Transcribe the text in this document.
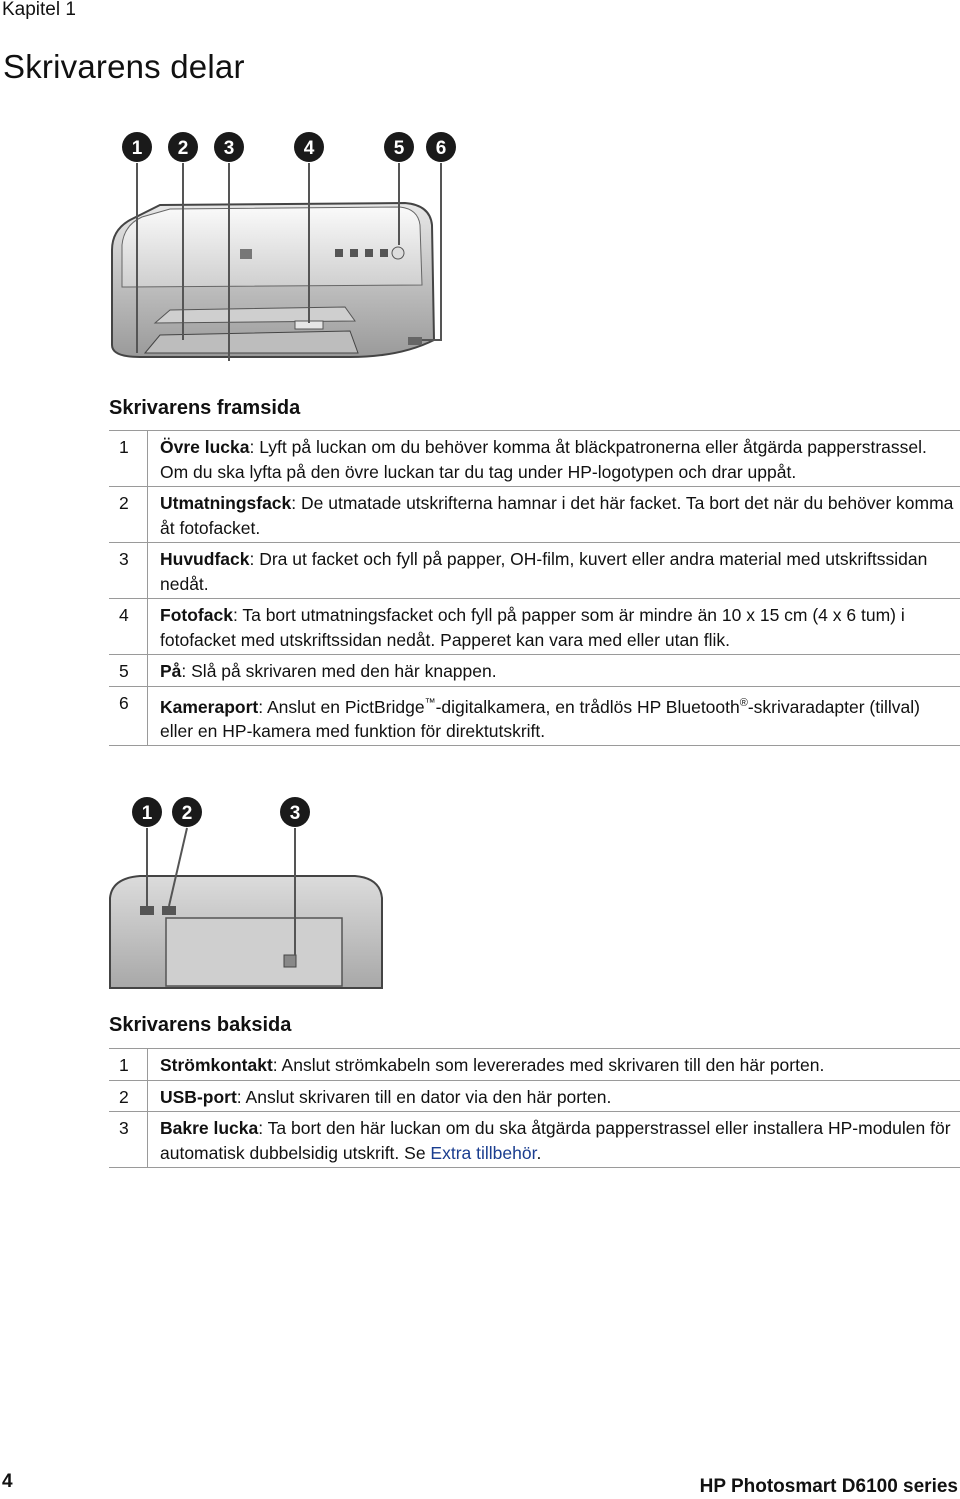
Kapitel 1
Skrivarens delar
1 2 3	4	5 6
Skrivarens framsida
1	Övre lucka: Lyft på luckan om du behöver komma åt bläckpatronerna eller åtgärda papperstrassel. Om du ska lyfta på den övre luckan tar du tag under HP-logotypen och drar uppåt.
2	Utmatningsfack: De utmatade utskrifterna hamnar i det här facket. Ta bort det när du behöver komma åt fotofacket.
3	Huvudfack: Dra ut facket och fyll på papper, OH-film, kuvert eller andra material med utskriftssidan nedåt.
4	Fotofack: Ta bort utmatningsfacket och fyll på papper som är mindre än 10 x 15 cm (4 x 6 tum) i fotofacket med utskriftssidan nedåt. Papperet kan vara med eller utan flik.
5	På: Slå på skrivaren med den här knappen.
6	Kameraport: Anslut en PictBridge™-digitalkamera, en trådlös HP Bluetooth®-skrivaradapter (tillval) eller en HP-kamera med funktion för direktutskrift.
1 2	3
Skrivarens baksida
1	Strömkontakt: Anslut strömkabeln som levererades med skrivaren till den här porten.
2	USB-port: Anslut skrivaren till en dator via den här porten.
3	Bakre lucka: Ta bort den här luckan om du ska åtgärda papperstrassel eller installera HP-modulen för automatisk dubbelsidig utskrift. Se Extra tillbehör.
4	HP Photosmart D6100 series
